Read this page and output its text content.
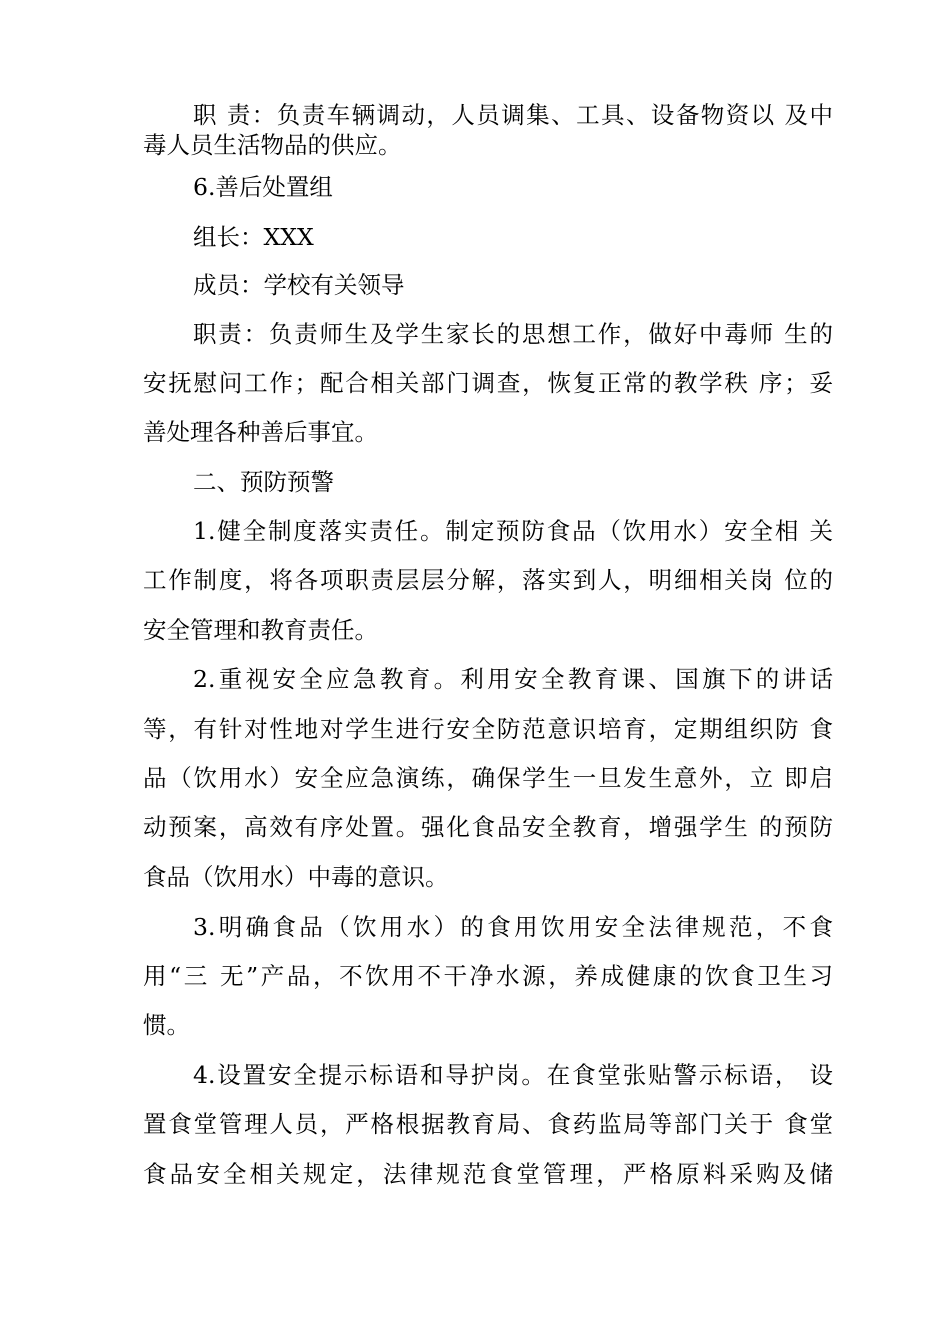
职 责：负责车辆调动，人员调集、工具、设备物资以 及中
毒人员生活物品的供应。
6.善后处置组
组长：XXX
成员：学校有关领导
职责：负责师生及学生家长的思想工作，做好中毒师 生的
安抚慰问工作；配合相关部门调查，恢复正常的教学秩 序；妥
善处理各种善后事宜。
二、预防预警
1.健全制度落实责任。制定预防食品（饮用水）安全相 关
工作制度，将各项职责层层分解，落实到人，明细相关岗 位的
安全管理和教育责任。
2.重视安全应急教育。利用安全教育课、国旗下的讲话
等，有针对性地对学生进行安全防范意识培育，定期组织防 食
品（饮用水）安全应急演练，确保学生一旦发生意外，立 即启
动预案，高效有序处置。强化食品安全教育，增强学生 的预防
食品（饮用水）中毒的意识。
3.明确食品（饮用水）的食用饮用安全法律规范，不食
用“三 无”产品，不饮用不干净水源，养成健康的饮食卫生习
惯。
4.设置安全提示标语和导护岗。在食堂张贴警示标语， 设
置食堂管理人员，严格根据教育局、食药监局等部门关于 食堂
食品安全相关规定，法律规范食堂管理，严格原料采购及储
